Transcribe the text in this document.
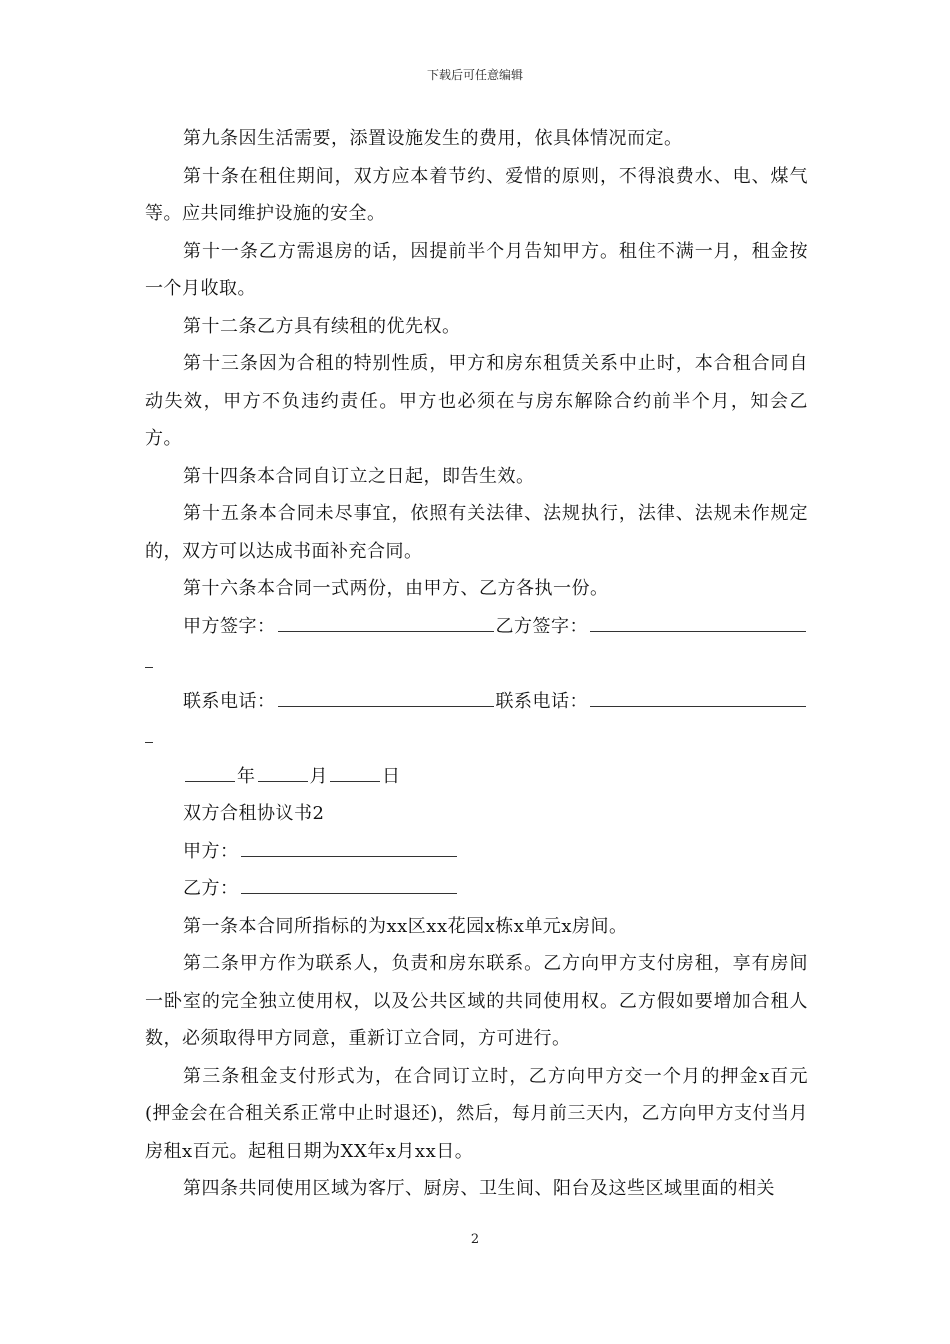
下载后可任意编辑

第九条因生活需要，添置设施发生的费用，依具体情况而定。

第十条在租住期间，双方应本着节约、爱惜的原则，不得浪费水、电、煤气等。应共同维护设施的安全。

第十一条乙方需退房的话，因提前半个月告知甲方。租住不满一月，租金按一个月收取。

第十二条乙方具有续租的优先权。

第十三条因为合租的特别性质，甲方和房东租赁关系中止时，本合租合同自动失效，甲方不负违约责任。甲方也必须在与房东解除合约前半个月，知会乙方。

第十四条本合同自订立之日起，即告生效。

第十五条本合同未尽事宜，依照有关法律、法规执行，法律、法规未作规定的，双方可以达成书面补充合同。

第十六条本合同一式两份，由甲方、乙方各执一份。

甲方签字：	乙方签字：
联系电话：	联系电话：
年	月	日

双方合租协议书2

甲方：
乙方：

第一条本合同所指标的为xx区xx花园x栋x单元x房间。

第二条甲方作为联系人，负责和房东联系。乙方向甲方支付房租，享有房间一卧室的完全独立使用权，以及公共区域的共同使用权。乙方假如要增加合租人数，必须取得甲方同意，重新订立合同，方可进行。

第三条租金支付形式为，在合同订立时，乙方向甲方交一个月的押金x百元(押金会在合租关系正常中止时退还)，然后，每月前三天内，乙方向甲方支付当月房租x百元。起租日期为XX年x月xx日。

第四条共同使用区域为客厅、厨房、卫生间、阳台及这些区域里面的相关

2
